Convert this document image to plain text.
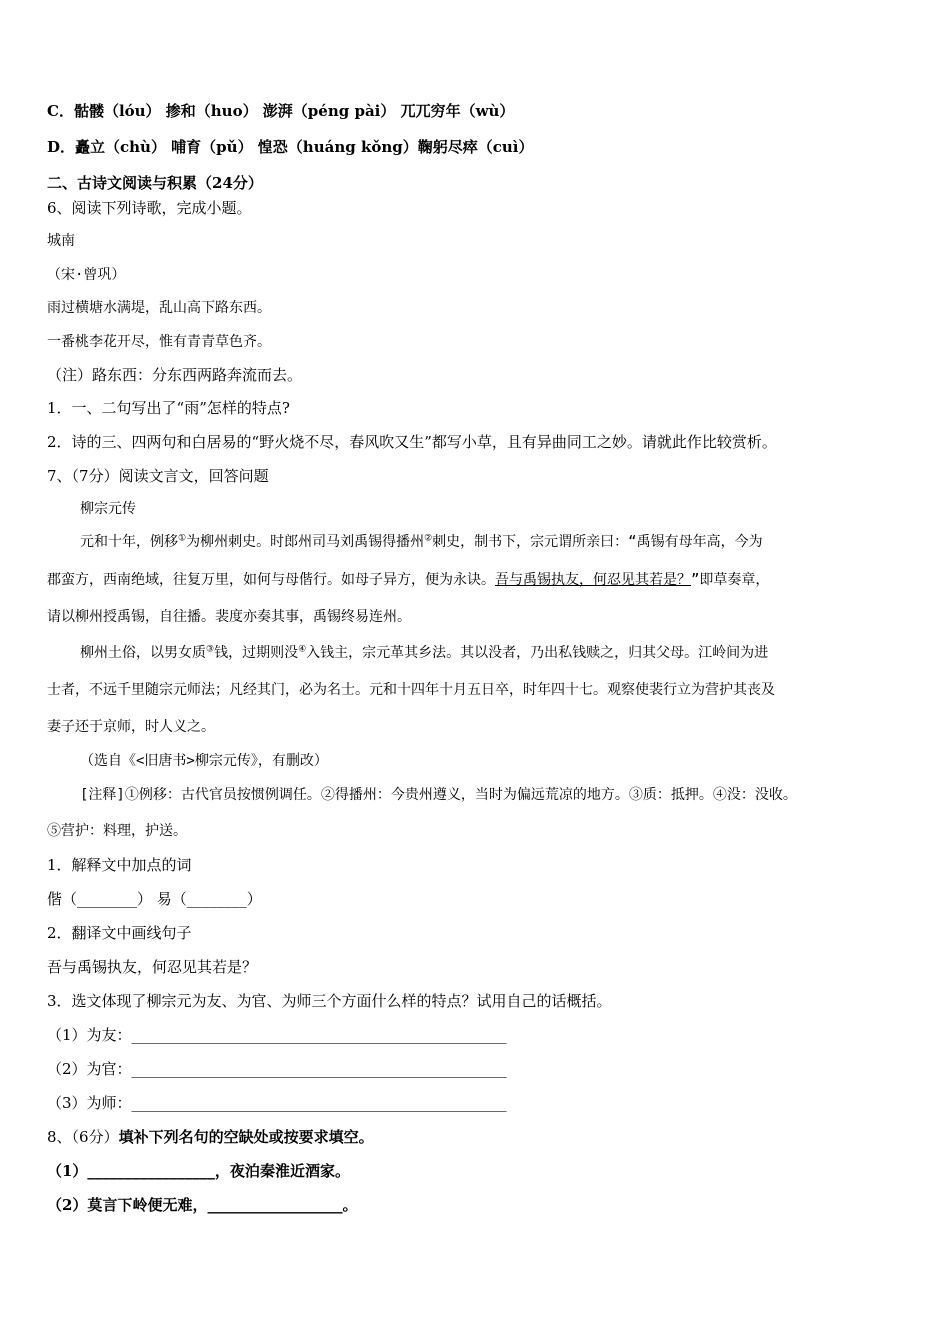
C．骷髅（lóu） 掺和（huo） 澎湃（péng pài） 兀兀穷年（wù）
D．矗立（chù） 哺育（pǔ） 惶恐（huáng kǒng）鞠躬尽瘁（cuì）
二、古诗文阅读与积累（24分）
6、阅读下列诗歌，完成小题。
城南
（宋·曾巩）
雨过横塘水满堤，乱山高下路东西。
一番桃李花开尽，惟有青青草色齐。
（注）路东西：分东西两路奔流而去。
1．一、二句写出了“雨”怎样的特点?
2．诗的三、四两句和白居易的“野火烧不尽，春风吹又生”都写小草，且有异曲同工之妙。请就此作比较赏析。
7、（7分）阅读文言文，回答问题
柳宗元传
元和十年，例移①为柳州刺史。时郎州司马刘禹锡得播州②刺史，制书下，宗元谓所亲曰：“禹锡有母年高，今为
郡蛮方，西南绝域，往复万里，如何与母偕行。如母子异方，便为永诀。吾与禹锡执友，何忍见其若是？”即草奏章，
请以柳州授禹锡，自往播。裴度亦奏其事，禹锡终易连州。
柳州土俗，以男女质③钱，过期则没④入钱主，宗元革其乡法。其以没者，乃出私钱赎之，归其父母。江岭间为进
士者，不远千里随宗元师法；凡经其门，必为名士。元和十四年十月五日卒，时年四十七。观察使裴行立为营护其丧及
妻子还于京师，时人义之。
（选自《<旧唐书>柳宗元传》，有删改）
[注释]①例移：古代官员按惯例调任。②得播州：今贵州遵义，当时为偏远荒凉的地方。③质：抵押。④没：没收。
⑤营护：料理，护送。
1．解释文中加点的词
偕（________） 易（________）
2．翻译文中画线句子
吾与禹锡执友，何忍见其若是？
3．选文体现了柳宗元为友、为官、为师三个方面什么样的特点？试用自己的话概括。
（1）为友：__________________________________________________
（2）为官：__________________________________________________
（3）为师：__________________________________________________
8、（6分）填补下列名句的空缺处或按要求填空。
（1）_________________，夜泊秦淮近酒家。
（2）莫言下岭便无难，__________________。
